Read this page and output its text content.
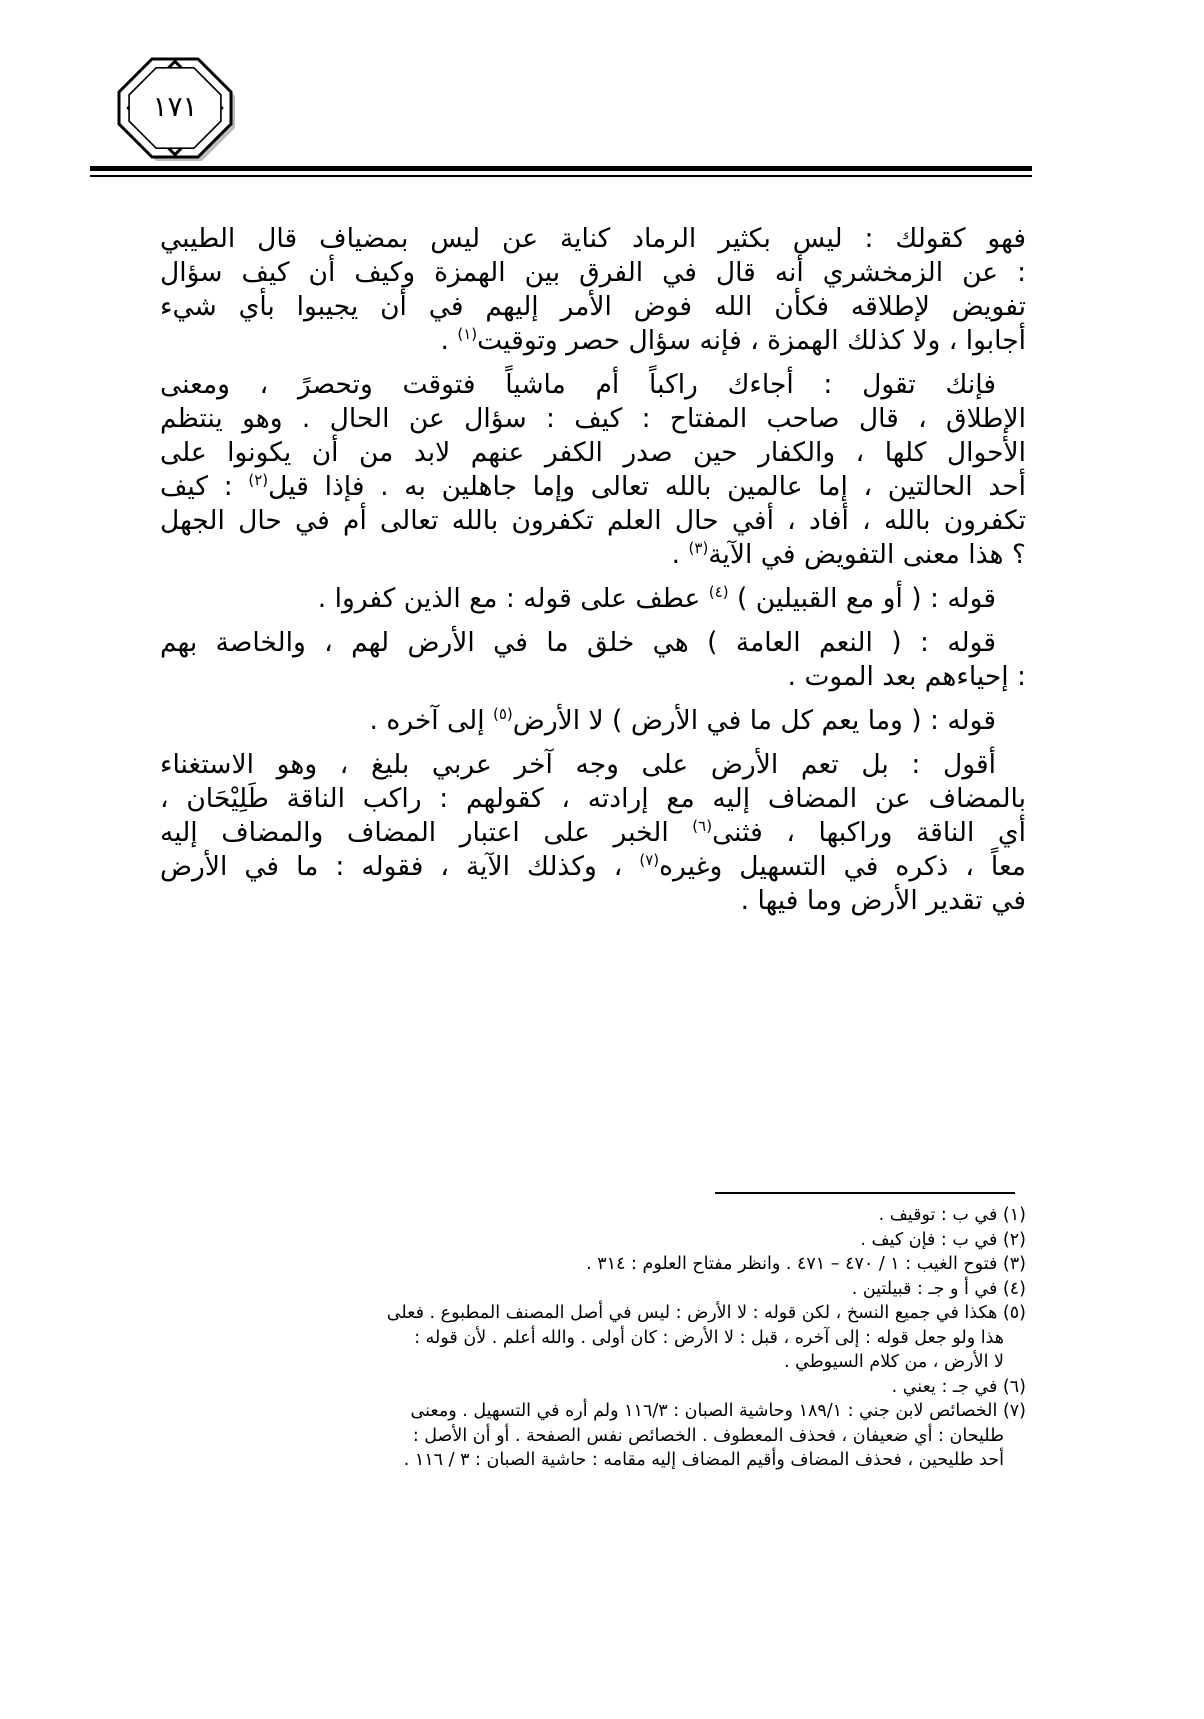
١٧١

فهو كقولك : ليس بكثير الرماد كناية عن ليس بمضياف قال الطيبي
: عن الزمخشري أنه قال في الفرق بين الهمزة وكيف أن كيف سؤال
تفويض لإطلاقه فكأن الله فوض الأمر إليهم في أن يجيبوا بأي شيء
أجابوا ، ولا كذلك الهمزة ، فإنه سؤال حصر وتوقيت$^{(١)}$ .

فإنك تقول : أجاءك راكباً أم ماشياً فتوقت وتحصرً ، ومعنى
الإطلاق ، قال صاحب المفتاح : كيف : سؤال عن الحال . وهو ينتظم
الأحوال كلها ، والكفار حين صدر الكفر عنهم لابد من أن يكونوا على
أحد الحالتين ، إما عالمين بالله تعالى وإما جاهلين به . فإذا قيل$^{(٢)}$ : كيف
تكفرون بالله ، أفاد ، أفي حال العلم تكفرون بالله تعالى أم في حال الجهل
؟ هذا معنى التفويض في الآية$^{(٣)}$ .

قوله : ( أو مع القبيلين ) $^{(٤)}$ عطف على قوله : مع الذين كفروا .

قوله : ( النعم العامة ) هي خلق ما في الأرض لهم ، والخاصة بهم
: إحياءهم بعد الموت .

قوله : ( وما يعم كل ما في الأرض ) لا الأرض$^{(٥)}$ إلى آخره .

أقول : بل تعم الأرض على وجه آخر عربي بليغ ، وهو الاستغناء
بالمضاف عن المضاف إليه مع إرادته ، كقولهم : راكب الناقة طَلِيْحَان ،
أي الناقة وراكبها ، فثنى$^{(٦)}$ الخبر على اعتبار المضاف والمضاف إليه
معاً ، ذكره في التسهيل وغيره$^{(٧)}$ ، وكذلك الآية ، فقوله : ما في الأرض
في تقدير الأرض وما فيها .

(١) في ب : توقيف .
(٢) في ب : فإن كيف .
(٣) فتوح الغيب : ١ / ٤٧٠ – ٤٧١ . وانظر مفتاح العلوم : ٣١٤ .
(٤) في أ و جـ : قبيلتين .
(٥) هكذا في جميع النسخ ، لكن قوله : لا الأرض : ليس في أصل المصنف المطبوع . فعلى
هذا ولو جعل قوله : إلى آخره ، قبل : لا الأرض : كان أولى . والله أعلم . لأن قوله :
لا الأرض ، من كلام السيوطي .
(٦) في جـ : يعني .
(٧) الخصائص لابن جني : ١٨٩/١ وحاشية الصبان : ١١٦/٣ ولم أره في التسهيل . ومعنى
طليحان : أي ضعيفان ، فحذف المعطوف . الخصائص نفس الصفحة . أو أن الأصل :
أحد طليحين ، فحذف المضاف وأقيم المضاف إليه مقامه : حاشية الصبان : ٣ / ١١٦ .
